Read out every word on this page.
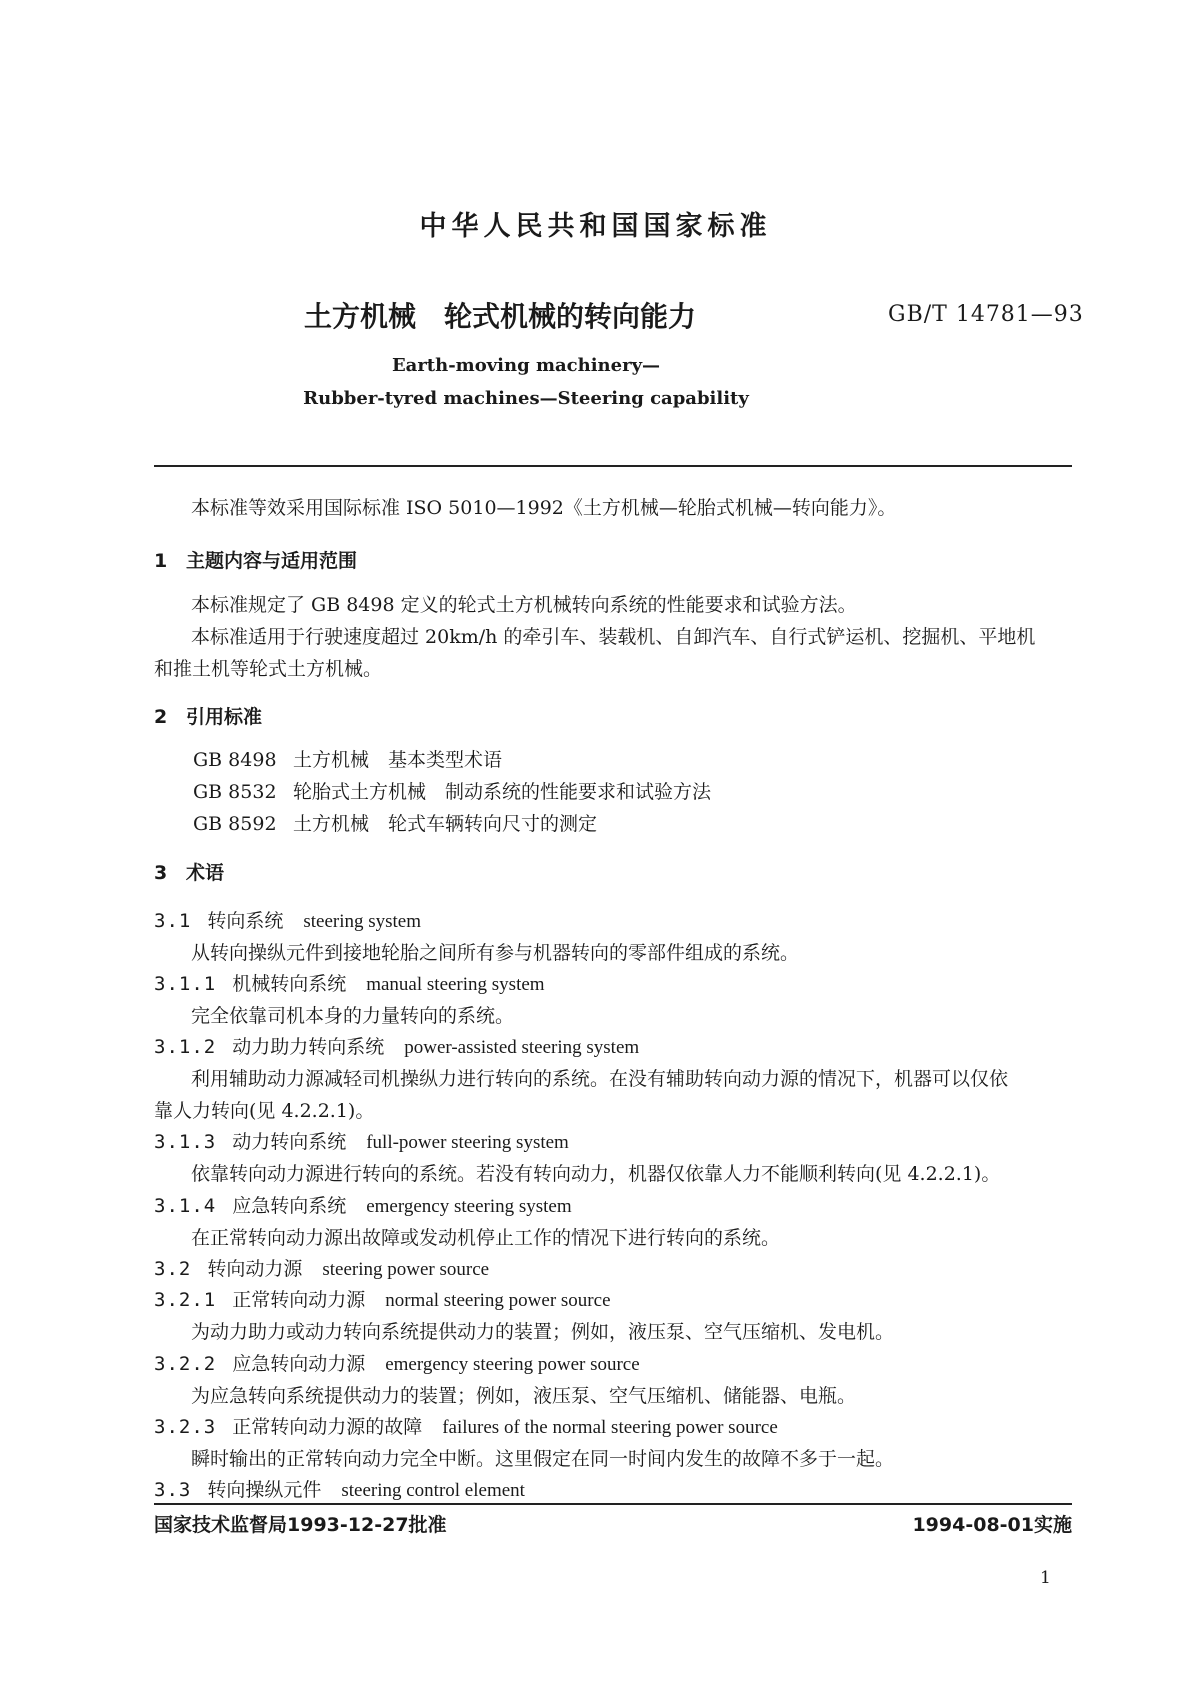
中华人民共和国国家标准
土方机械　轮式机械的转向能力	GB/T 14781—93
Earth-moving machinery—
Rubber-tyred machines—Steering capability
本标准等效采用国际标准 ISO 5010—1992《土方机械—轮胎式机械—转向能力》。
1 主题内容与适用范围
本标准规定了 GB 8498 定义的轮式土方机械转向系统的性能要求和试验方法。
本标准适用于行驶速度超过 20km/h 的牵引车、装载机、自卸汽车、自行式铲运机、挖掘机、平地机
和推土机等轮式土方机械。
2 引用标准
GB 8498 土方机械　基本类型术语
GB 8532 轮胎式土方机械　制动系统的性能要求和试验方法
GB 8592 土方机械　轮式车辆转向尺寸的测定
3 术语
3.1 转向系统 steering system
从转向操纵元件到接地轮胎之间所有参与机器转向的零部件组成的系统。
3.1.1 机械转向系统 manual steering system
完全依靠司机本身的力量转向的系统。
3.1.2 动力助力转向系统 power-assisted steering system
利用辅助动力源减轻司机操纵力进行转向的系统。在没有辅助转向动力源的情况下，机器可以仅依
靠人力转向(见 4.2.2.1)。
3.1.3 动力转向系统 full-power steering system
依靠转向动力源进行转向的系统。若没有转向动力，机器仅依靠人力不能顺利转向(见 4.2.2.1)。
3.1.4 应急转向系统 emergency steering system
在正常转向动力源出故障或发动机停止工作的情况下进行转向的系统。
3.2 转向动力源 steering power source
3.2.1 正常转向动力源 normal steering power source
为动力助力或动力转向系统提供动力的装置；例如，液压泵、空气压缩机、发电机。
3.2.2 应急转向动力源 emergency steering power source
为应急转向系统提供动力的装置；例如，液压泵、空气压缩机、储能器、电瓶。
3.2.3 正常转向动力源的故障 failures of the normal steering power source
瞬时输出的正常转向动力完全中断。这里假定在同一时间内发生的故障不多于一起。
3.3 转向操纵元件 steering control element
国家技术监督局1993-12-27批准	1994-08-01实施
1
